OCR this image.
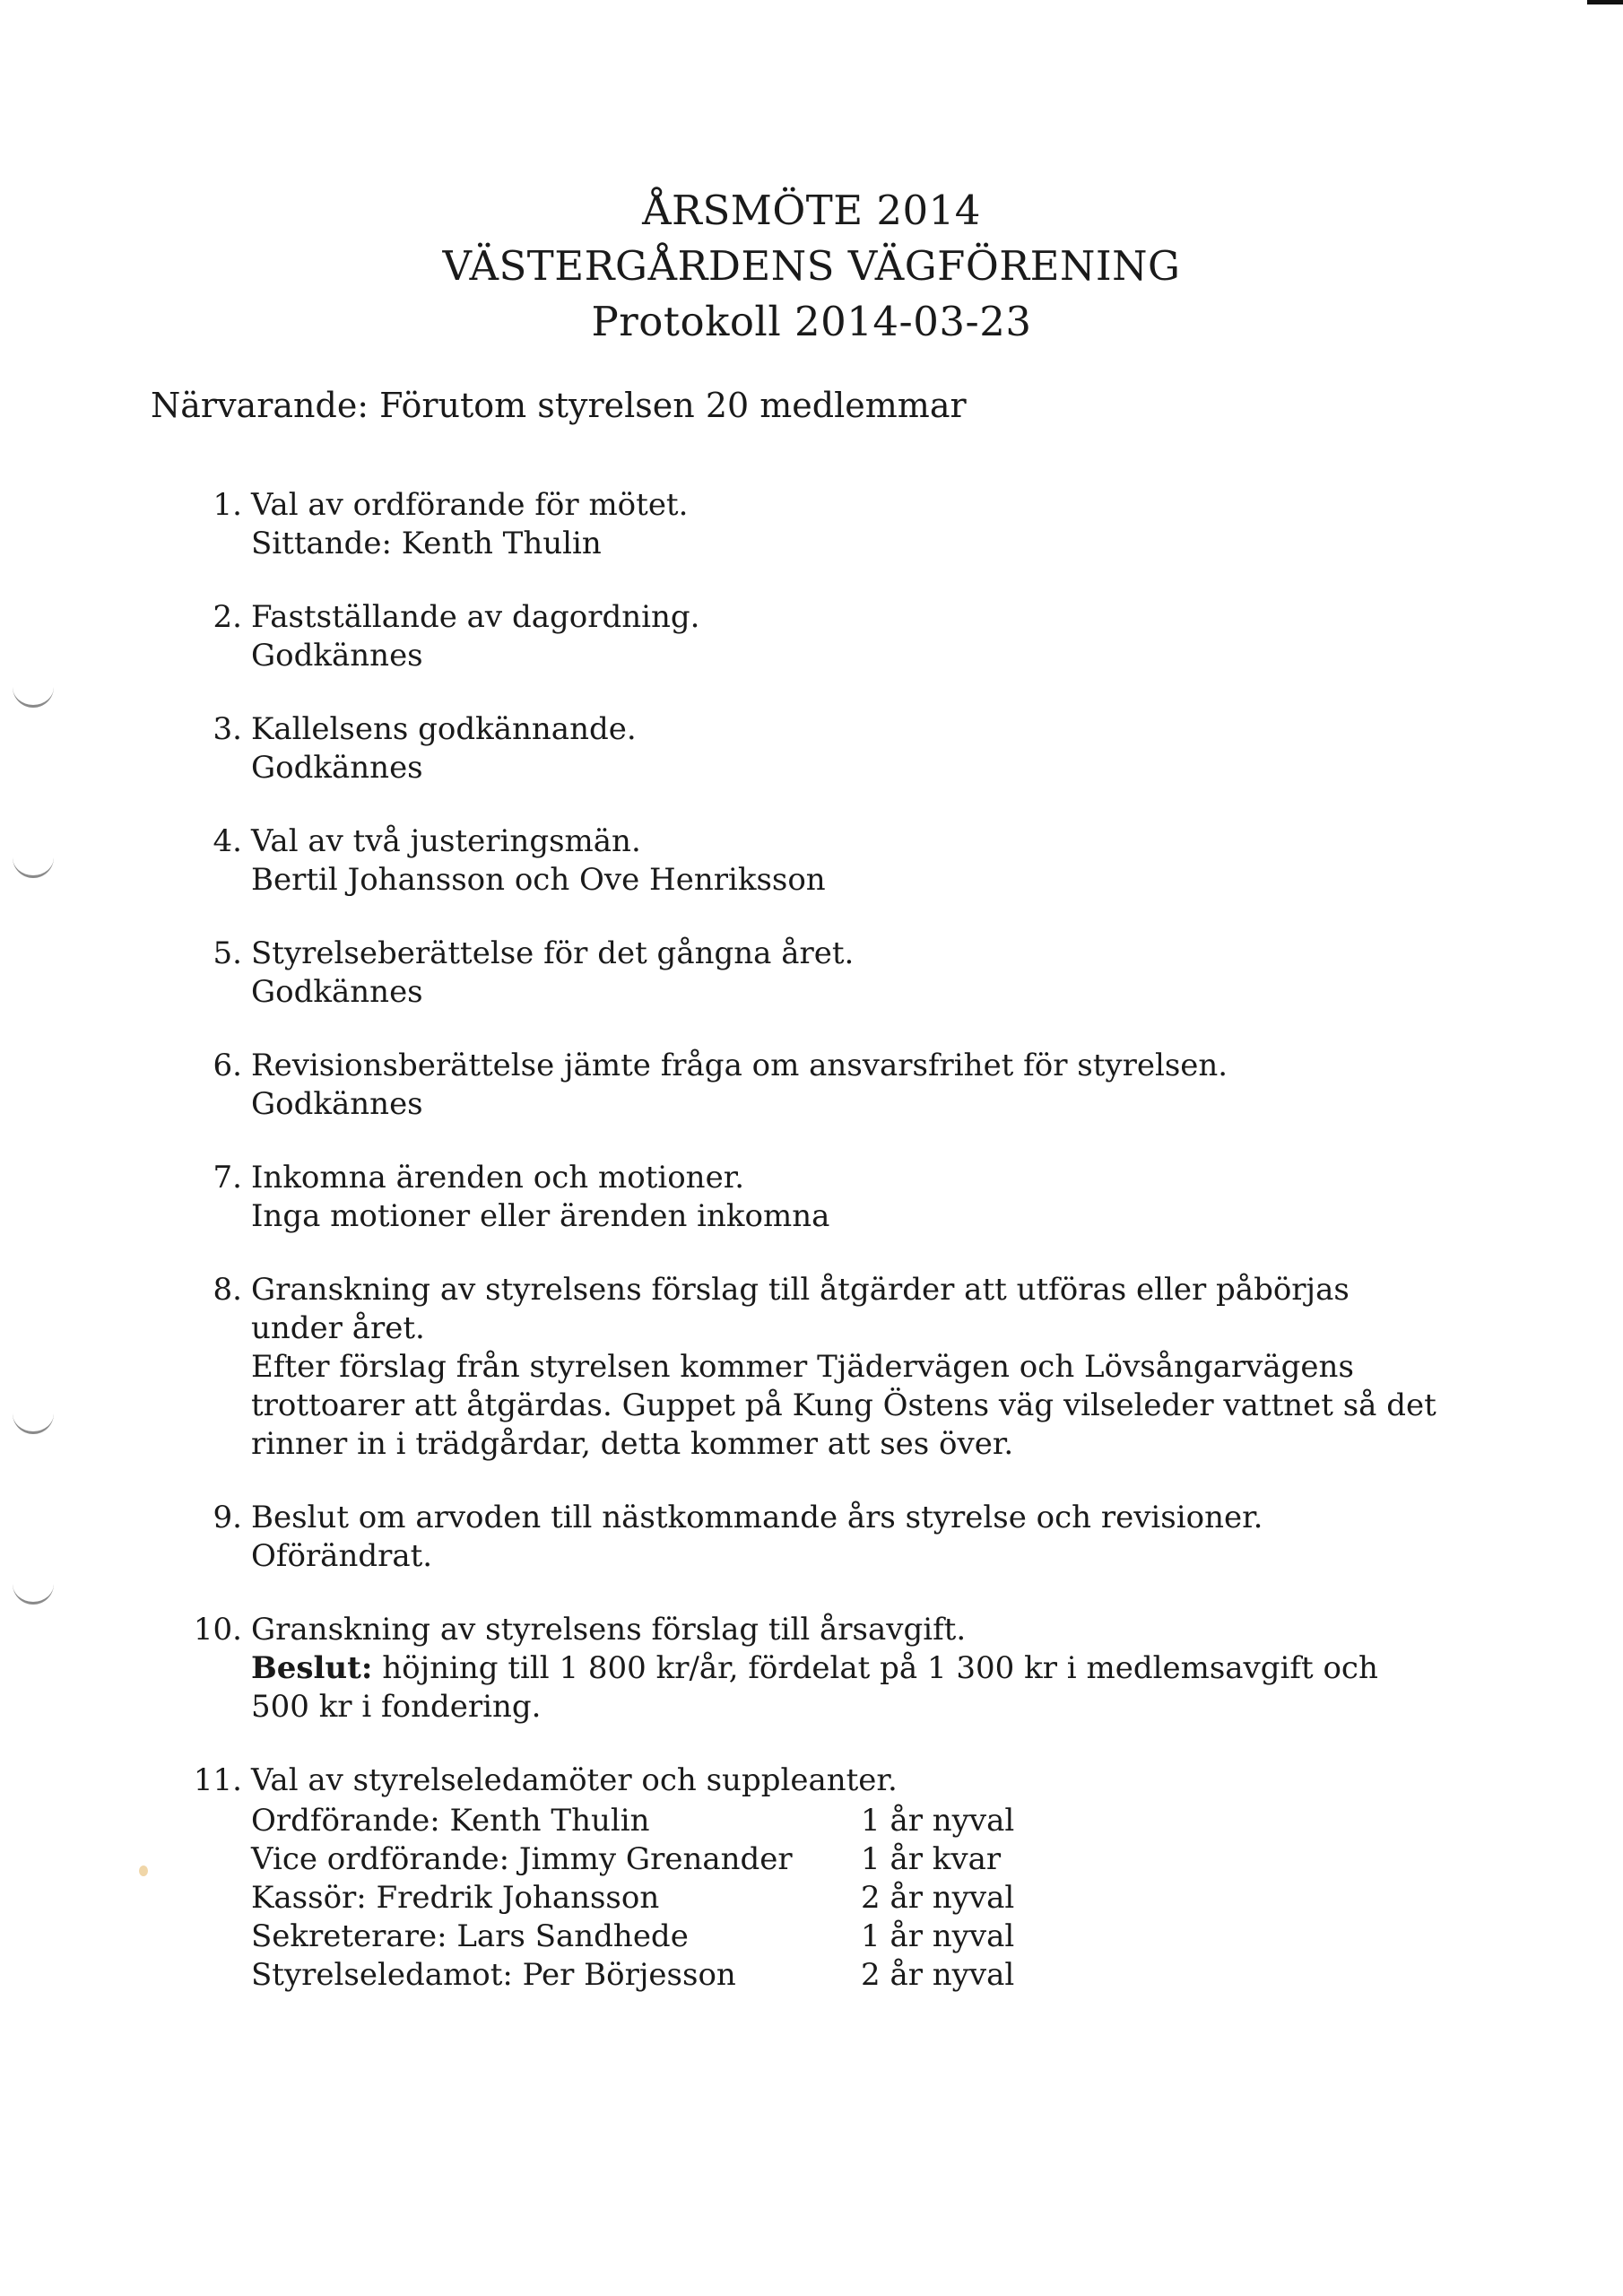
ÅRSMÖTE 2014
VÄSTERGÅRDENS VÄGFÖRENING
Protokoll 2014-03-23
Närvarande: Förutom styrelsen 20 medlemmar
1. Val av ordförande för mötet.
Sittande: Kenth Thulin
2. Fastställande av dagordning.
Godkännes
3. Kallelsens godkännande.
Godkännes
4. Val av två justeringsmän.
Bertil Johansson och Ove Henriksson
5. Styrelseberättelse för det gångna året.
Godkännes
6. Revisionsberättelse jämte fråga om ansvarsfrihet för styrelsen.
Godkännes
7. Inkomna ärenden och motioner.
Inga motioner eller ärenden inkomna
8. Granskning av styrelsens förslag till åtgärder att utföras eller påbörjas under året.
Efter förslag från styrelsen kommer Tjädervägen och Lövsångarvägens trottoarer att åtgärdas. Guppet på Kung Östens väg vilseleder vattnet så det rinner in i trädgårdar, detta kommer att ses över.
9. Beslut om arvoden till nästkommande års styrelse och revisioner.
Oförändrat.
10. Granskning av styrelsens förslag till årsavgift.
Beslut: höjning till 1 800 kr/år, fördelat på 1 300 kr i medlemsavgift och 500 kr i fondering.
11. Val av styrelseledamöter och suppleanter.
Ordförande: Kenth Thulin	1 år nyval
Vice ordförande: Jimmy Grenander	1 år kvar
Kassör: Fredrik Johansson	2 år nyval
Sekreterare: Lars Sandhede	1 år nyval
Styrelseledamot: Per Börjesson	2 år nyval
